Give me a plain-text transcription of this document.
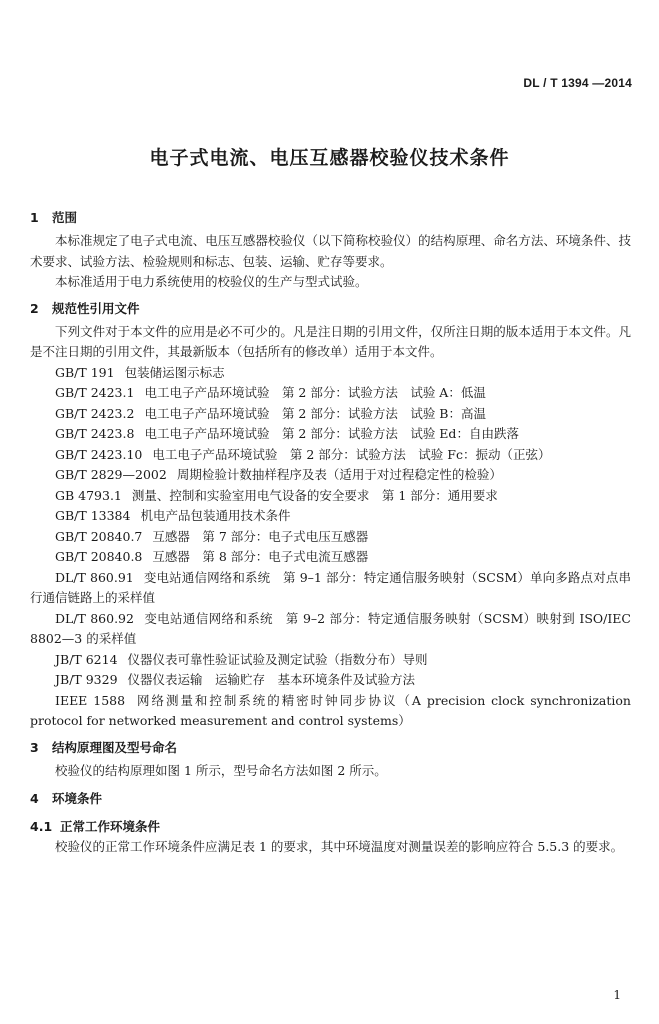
DL / T 1394 —2014
电子式电流、电压互感器校验仪技术条件

1 范围

本标准规定了电子式电流、电压互感器校验仪（以下简称校验仪）的结构原理、命名方法、环境条件、技术要求、试验方法、检验规则和标志、包装、运输、贮存等要求。

本标准适用于电力系统使用的校验仪的生产与型式试验。

2 规范性引用文件

下列文件对于本文件的应用是必不可少的。凡是注日期的引用文件，仅所注日期的版本适用于本文件。凡是不注日期的引用文件，其最新版本（包括所有的修改单）适用于本文件。

GB/T 191 包装储运图示标志

GB/T 2423.1 电工电子产品环境试验　第 2 部分：试验方法　试验 A：低温

GB/T 2423.2 电工电子产品环境试验　第 2 部分：试验方法　试验 B：高温

GB/T 2423.8 电工电子产品环境试验　第 2 部分：试验方法　试验 Ed：自由跌落

GB/T 2423.10 电工电子产品环境试验　第 2 部分：试验方法　试验 Fc：振动（正弦）

GB/T 2829—2002 周期检验计数抽样程序及表（适用于对过程稳定性的检验）

GB 4793.1 测量、控制和实验室用电气设备的安全要求　第 1 部分：通用要求

GB/T 13384 机电产品包装通用技术条件

GB/T 20840.7 互感器　第 7 部分：电子式电压互感器

GB/T 20840.8 互感器　第 8 部分：电子式电流互感器

DL/T 860.91 变电站通信网络和系统　第 9–1 部分：特定通信服务映射（SCSM）单向多路点对点串行通信链路上的采样值

DL/T 860.92 变电站通信网络和系统　第 9–2 部分：特定通信服务映射（SCSM）映射到 ISO/IEC 8802—3 的采样值

JB/T 6214 仪器仪表可靠性验证试验及测定试验（指数分布）导则

JB/T 9329 仪器仪表运输　运输贮存　基本环境条件及试验方法

IEEE 1588 网络测量和控制系统的精密时钟同步协议（A precision clock synchronization protocol for networked measurement and control systems）

3 结构原理图及型号命名

校验仪的结构原理如图 1 所示，型号命名方法如图 2 所示。

4 环境条件

4.1 正常工作环境条件

校验仪的正常工作环境条件应满足表 1 的要求，其中环境温度对测量误差的影响应符合 5.5.3 的要求。

1
